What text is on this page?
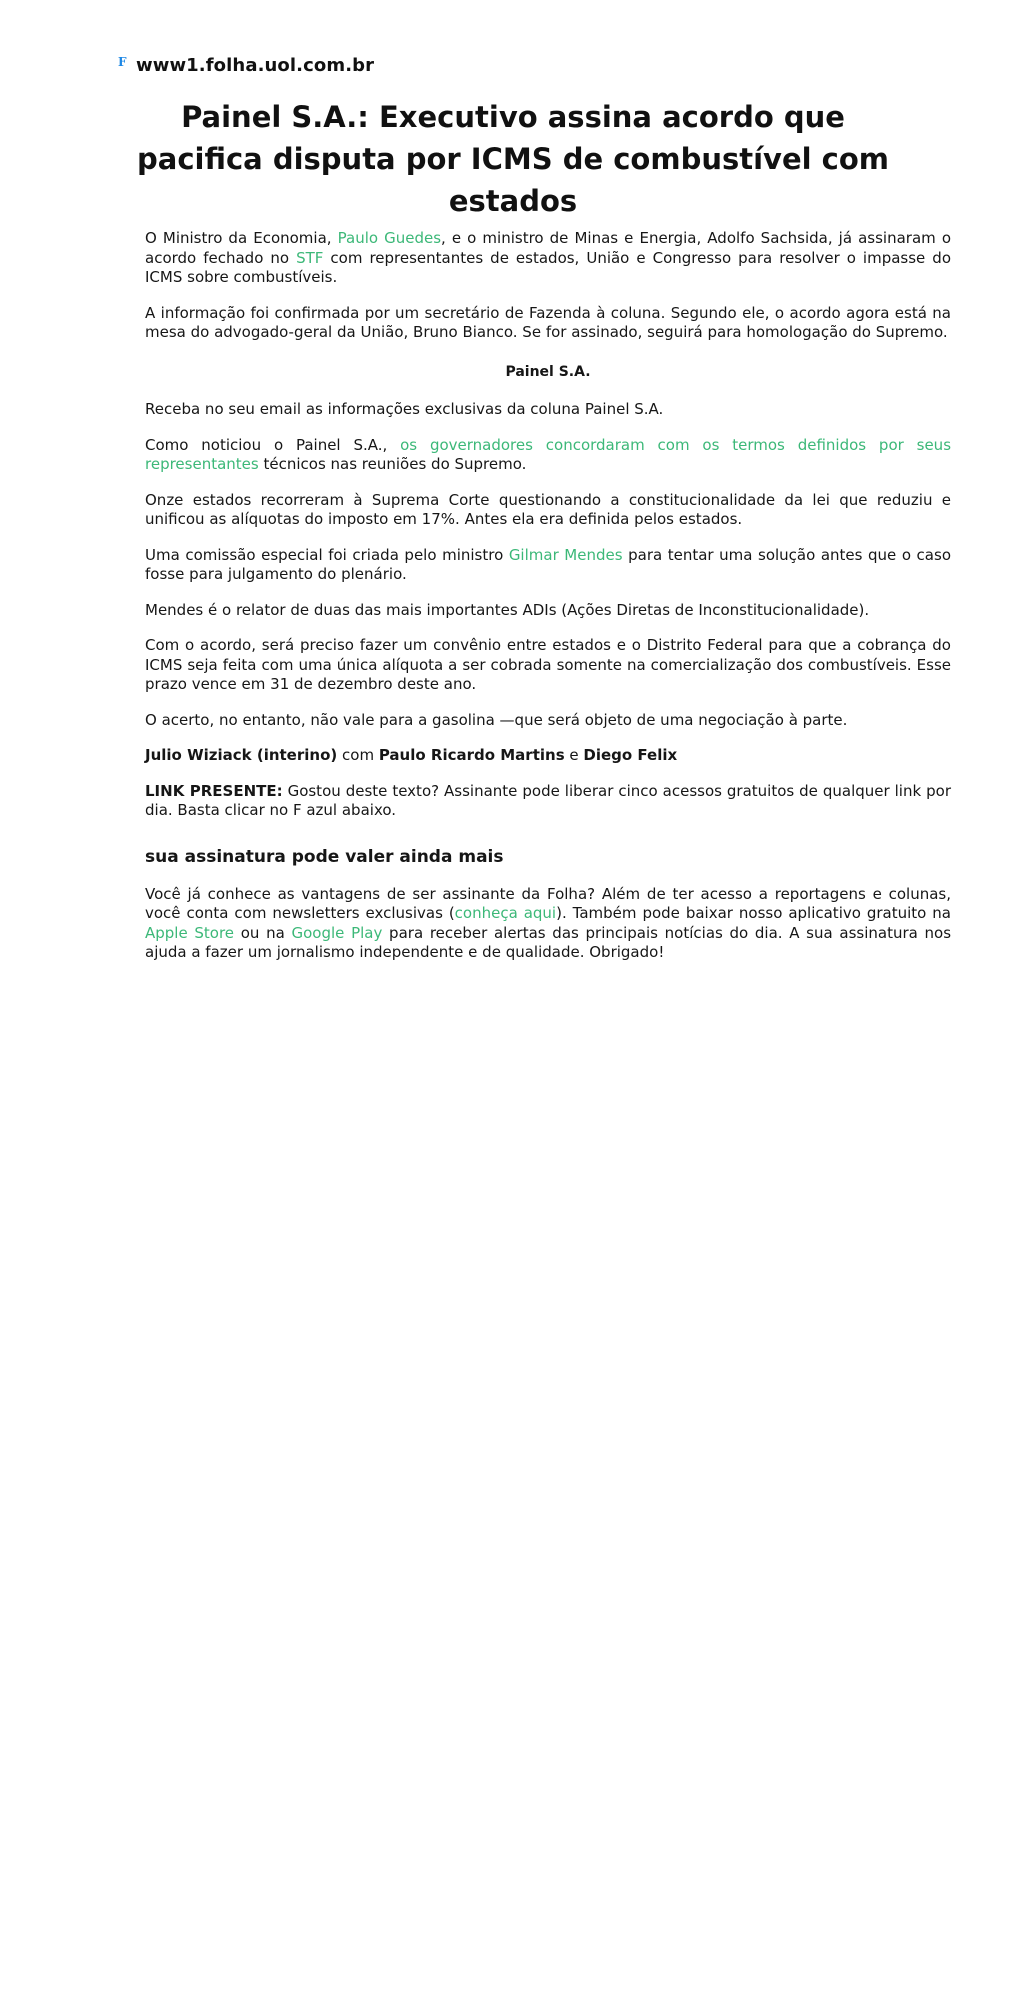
F www1.folha.uol.com.br
Painel S.A.: Executivo assina acordo que pacifica disputa por ICMS de combustível com estados

O Ministro da Economia, Paulo Guedes, e o ministro de Minas e Energia, Adolfo Sachsida, já assinaram o acordo fechado no STF com representantes de estados, União e Congresso para resolver o impasse do ICMS sobre combustíveis.

A informação foi confirmada por um secretário de Fazenda à coluna. Segundo ele, o acordo agora está na mesa do advogado-geral da União, Bruno Bianco. Se for assinado, seguirá para homologação do Supremo.

Painel S.A.

Receba no seu email as informações exclusivas da coluna Painel S.A.

Como noticiou o Painel S.A., os governadores concordaram com os termos definidos por seus representantes técnicos nas reuniões do Supremo.

Onze estados recorreram à Suprema Corte questionando a constitucionalidade da lei que reduziu e unificou as alíquotas do imposto em 17%. Antes ela era definida pelos estados.

Uma comissão especial foi criada pelo ministro Gilmar Mendes para tentar uma solução antes que o caso fosse para julgamento do plenário.

Mendes é o relator de duas das mais importantes ADIs (Ações Diretas de Inconstitucionalidade).

Com o acordo, será preciso fazer um convênio entre estados e o Distrito Federal para que a cobrança do ICMS seja feita com uma única alíquota a ser cobrada somente na comercialização dos combustíveis. Esse prazo vence em 31 de dezembro deste ano.

O acerto, no entanto, não vale para a gasolina —que será objeto de uma negociação à parte.

Julio Wiziack (interino) com Paulo Ricardo Martins e Diego Felix

LINK PRESENTE: Gostou deste texto? Assinante pode liberar cinco acessos gratuitos de qualquer link por dia. Basta clicar no F azul abaixo.

sua assinatura pode valer ainda mais

Você já conhece as vantagens de ser assinante da Folha? Além de ter acesso a reportagens e colunas, você conta com newsletters exclusivas (conheça aqui). Também pode baixar nosso aplicativo gratuito na Apple Store ou na Google Play para receber alertas das principais notícias do dia. A sua assinatura nos ajuda a fazer um jornalismo independente e de qualidade. Obrigado!
